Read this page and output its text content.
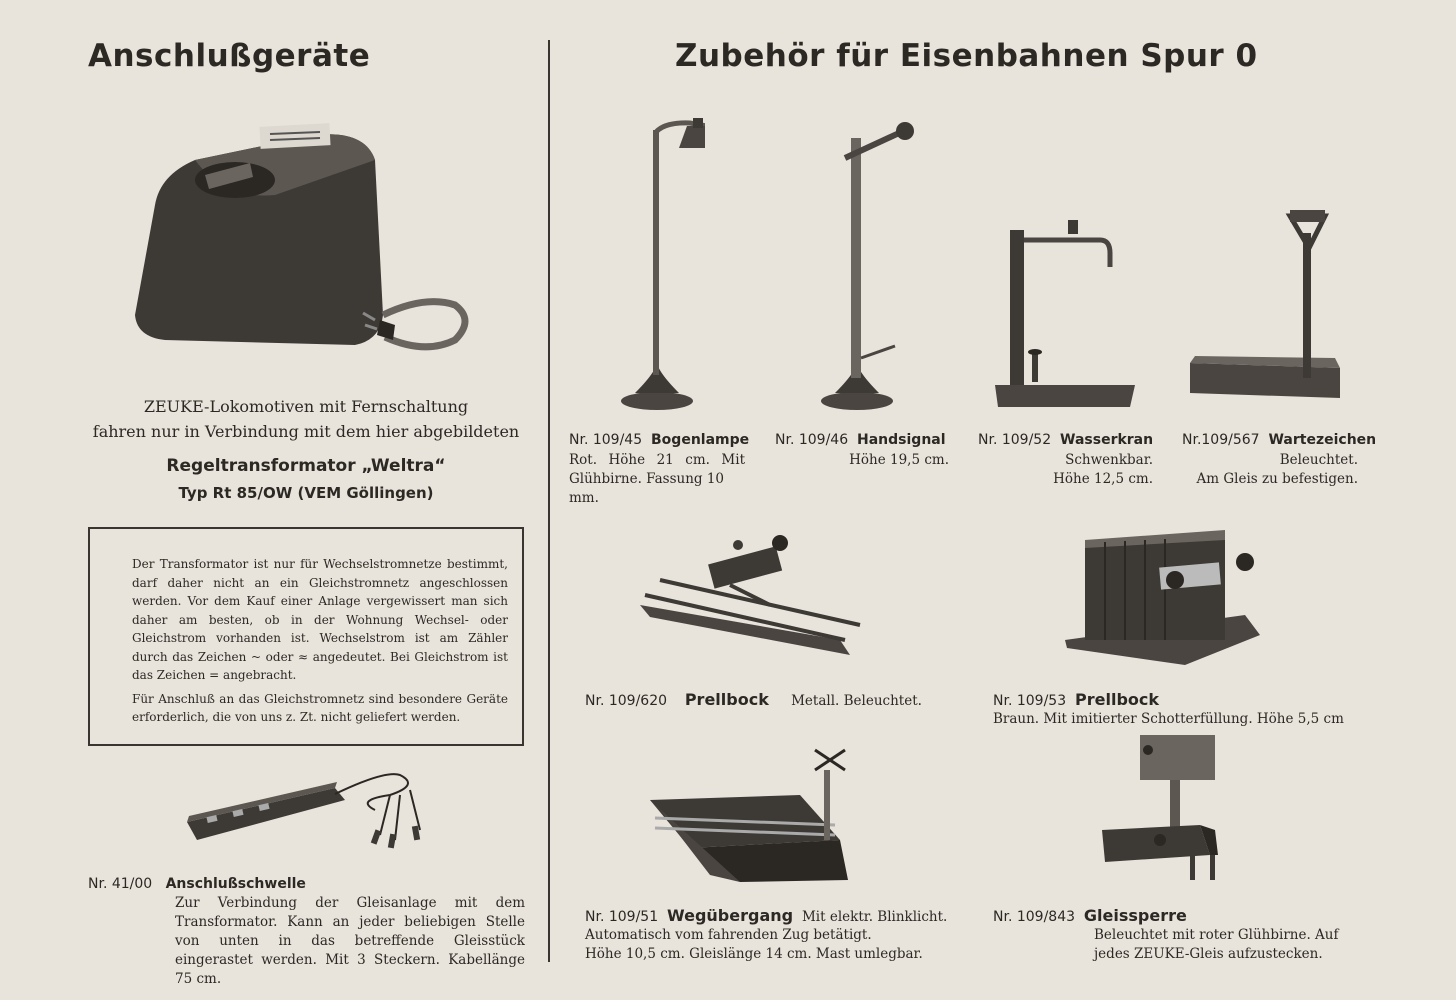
Anschlußgeräte	Zubehör für Eisenbahnen Spur 0
ZEUKE-Lokomotiven mit Fernschaltung
fahren nur in Verbindung mit dem hier abgebildeten
Regeltransformator „Weltra“
Typ Rt 85/OW (VEM Göllingen)

Der Transformator ist nur für Wechselstromnetze bestimmt, darf daher nicht an ein Gleichstromnetz angeschlossen werden. Vor dem Kauf einer Anlage vergewissert man sich daher am besten, ob in der Wohnung Wechsel- oder Gleichstrom vorhanden ist. Wechselstrom ist am Zähler durch das Zeichen ~ oder ≈ angedeutet. Bei Gleichstrom ist das Zeichen = angebracht.

Für Anschluß an das Gleichstromnetz sind besondere Geräte erforderlich, die von uns z. Zt. nicht geliefert werden.

Nr. 41/00 Anschlußschwelle
Zur Verbindung der Gleisanlage mit dem Transformator. Kann an jeder beliebigen Stelle von unten in das betreffende Gleisstück eingerastet werden. Mit 3 Steckern. Kabellänge 75 cm.
Nr. 109/45 Bogenlampe
Rot. Höhe 21 cm. Mit
Glühbirne. Fassung 10 mm.
Nr. 109/46 Handsignal
Höhe 19,5 cm.
Nr. 109/52 Wasserkran
Schwenkbar.
Höhe 12,5 cm.
Nr.109/567 Wartezeichen
Beleuchtet.
Am Gleis zu befestigen.
Nr. 109/620 Prellbock Metall. Beleuchtet.	Nr. 109/53 Prellbock
Braun. Mit imitierter Schotterfüllung. Höhe 5,5 cm
Nr. 109/51 Wegübergang Mit elektr. Blinklicht.
Automatisch vom fahrenden Zug betätigt.
Höhe 10,5 cm. Gleislänge 14 cm. Mast umlegbar.
Nr. 109/843 Gleissperre
Beleuchtet mit roter Glühbirne. Auf
jedes ZEUKE-Gleis aufzustecken.
